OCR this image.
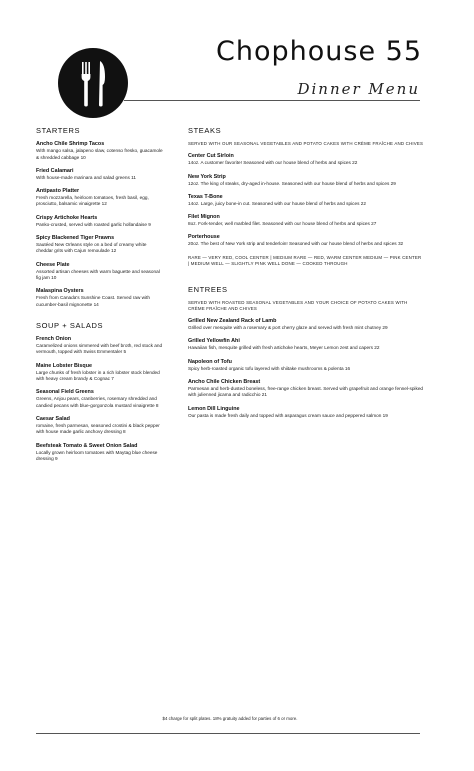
Chophouse 55
Dinner Menu
STARTERS
Ancho Chile Shrimp Tacos
With mango salsa, jalapeno slaw, cotenso fresko, guacamole & shredded cabbage 10
Fried Calamari
With house-made marinara and salad greens 11
Antipasto Platter
Fresh mozzarella, heirloom tomatoes, fresh basil, egg, prosciutto, balsamic vinaigrette 12
Crispy Artichoke Hearts
Panko-crusted, served with roasted garlic hollandaise 9
Spicy Blackened Tiger Prawns
Sautéed New Orleans style on a bed of creamy white cheddar grits with Cajun remoulade 12
Cheese Plate
Assorted artisan cheeses with warm baguette and seasonal fig jam 10
Malaspina Oysters
Fresh from Canada's Sunshine Coast. Served raw with cucumber-basil mignonette 14
SOUP + SALADS
French Onion
Caramelized onions simmered with beef broth, red stock and vermouth, topped with Swiss Emmentaler 5
Maine Lobster Bisque
Large chunks of fresh lobster in a rich lobster stock blended with heavy cream brandy & Cognac 7
Seasonal Field Greens
Greens, Anjou pears, cranberries, rosemary shredded and candied pecans with blue-gorgonzola mustard vinaigrette 8
Caesar Salad
romaine, fresh parmesan, seasoned crostini & black pepper with house made garlic anchovy dressing 8
Beefsteak Tomato & Sweet Onion Salad
Locally grown heirloom tomatoes with Maytag blue cheese dressing 9
STEAKS
SERVED WITH OUR SEASONAL VEGETABLES AND POTATO CAKES WITH CRÈME FRAÎCHE AND CHIVES
Center Cut Sirloin
14oz. A customer favorite! Seasoned with our house blend of herbs and spices 22
New York Strip
12oz. The king of steaks, dry-aged in-house. Seasoned with our house blend of herbs and spices 29
Texas T-Bone
14oz. Large, juicy bone-in cut. Seasoned with our house blend of herbs and spices 22
Filet Mignon
8oz. Fork-tender, well marbled filet. Seasoned with our house blend of herbs and spices 27
Porterhouse
20oz. The best of New York strip and tenderloin! Seasoned with our house blend of herbs and spices 32
RARE — VERY RED, COOL CENTER | MEDIUM RARE — RED, WARM CENTER MEDIUM — PINK CENTER | MEDIUM WELL — SLIGHTLY PINK WELL DONE — COOKED THROUGH
ENTREES
SERVED WITH ROASTED SEASONAL VEGETABLES AND YOUR CHOICE OF POTATO CAKES WITH CRÈME FRAÎCHE AND CHIVES
Grilled New Zealand Rack of Lamb
Grilled over mesquite with a rosemary & port cherry glaze and served with fresh mint chutney 29
Grilled Yellowfin Ahi
Hawaiian fish, mesquite grilled with fresh artichoke hearts, Meyer Lemon zest and capers 22
Napoleon of Tofu
Spicy herb-roasted organic tofu layered with shiitake mushrooms & polenta 16
Ancho Chile Chicken Breast
Parmesan and herb-dusted boneless, free-range chicken breast. Served with grapefruit and orange fennel-spiked with julienned jicama and radicchio 21
Lemon Dill Linguine
Our pasta is made fresh daily and topped with asparagus cream sauce and peppered salmon 19
$4 charge for split plates. 18% gratuity added for parties of 6 or more.
